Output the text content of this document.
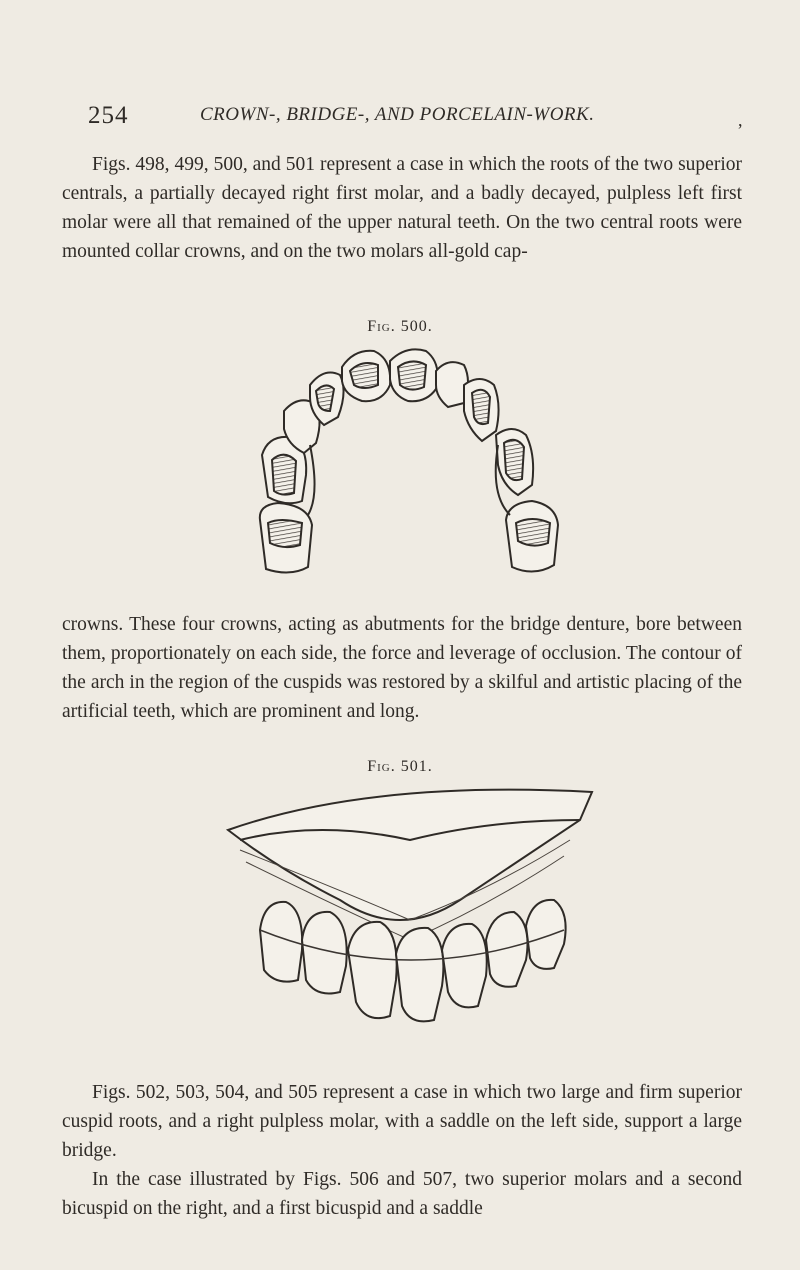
254	CROWN-, BRIDGE-, AND PORCELAIN-WORK.	,

Figs. 498, 499, 500, and 501 represent a case in which the roots of the two superior centrals, a partially decayed right first molar, and a badly decayed, pulpless left first molar were all that remained of the upper natural teeth. On the two central roots were mounted collar crowns, and on the two molars all-gold cap-

Fig. 500.

crowns. These four crowns, acting as abutments for the bridge denture, bore between them, proportionately on each side, the force and leverage of occlusion. The contour of the arch in the region of the cuspids was restored by a skilful and artistic placing of the artificial teeth, which are prominent and long.

Fig. 501.

Figs. 502, 503, 504, and 505 represent a case in which two large and firm superior cuspid roots, and a right pulpless molar, with a saddle on the left side, support a large bridge.

In the case illustrated by Figs. 506 and 507, two superior molars and a second bicuspid on the right, and a first bicuspid and a saddle
